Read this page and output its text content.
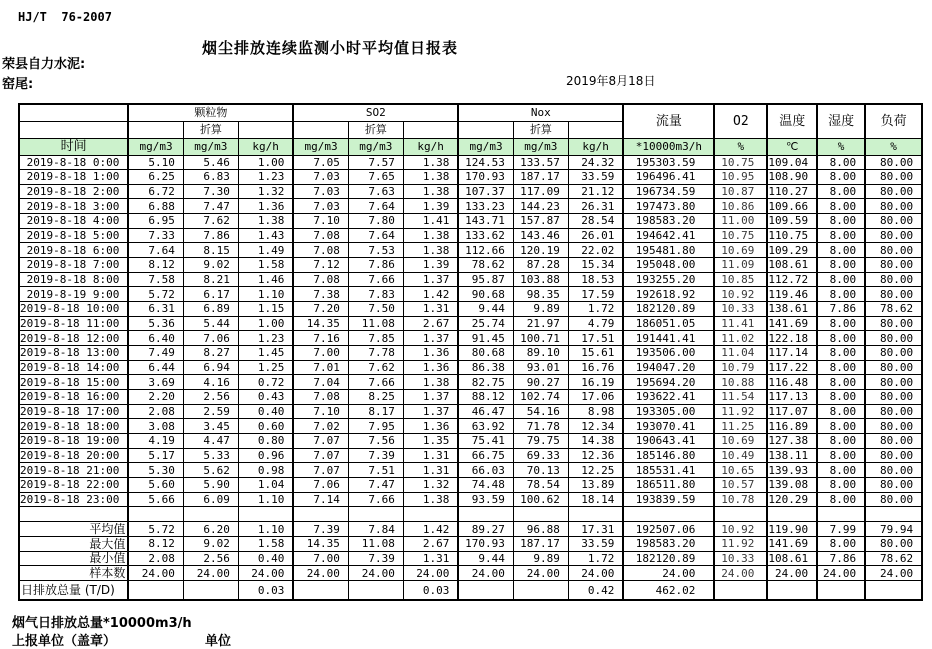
HJ/T  76-2007
烟尘排放连续监测小时平均值日报表
荣县自力水泥:
窑尾:	2019年8月18日
	颗粒物			SO2			Nox			流量	O2	温度	湿度	负荷
		折算			折算			折算						
时间	mg/m3	mg/m3	kg/h	mg/m3	mg/m3	kg/h	mg/m3	mg/m3	kg/h	*10000m3/h	%	℃	%	%
2019-8-18 0:00	5.10	5.46	1.00	7.05	7.57	1.38	124.53	133.57	24.32	195303.59	10.75	109.04	8.00	80.00
2019-8-18 1:00	6.25	6.83	1.23	7.03	7.65	1.38	170.93	187.17	33.59	196496.41	10.95	108.90	8.00	80.00
2019-8-18 2:00	6.72	7.30	1.32	7.03	7.63	1.38	107.37	117.09	21.12	196734.59	10.87	110.27	8.00	80.00
2019-8-18 3:00	6.88	7.47	1.36	7.03	7.64	1.39	133.23	144.23	26.31	197473.80	10.86	109.66	8.00	80.00
2019-8-18 4:00	6.95	7.62	1.38	7.10	7.80	1.41	143.71	157.87	28.54	198583.20	11.00	109.59	8.00	80.00
2019-8-18 5:00	7.33	7.86	1.43	7.08	7.64	1.38	133.62	143.46	26.01	194642.41	10.75	110.75	8.00	80.00
2019-8-18 6:00	7.64	8.15	1.49	7.08	7.53	1.38	112.66	120.19	22.02	195481.80	10.69	109.29	8.00	80.00
2019-8-18 7:00	8.12	9.02	1.58	7.12	7.86	1.39	78.62	87.28	15.34	195048.00	11.09	108.61	8.00	80.00
2019-8-18 8:00	7.58	8.21	1.46	7.08	7.66	1.37	95.87	103.88	18.53	193255.20	10.85	112.72	8.00	80.00
2019-8-19 9:00	5.72	6.17	1.10	7.38	7.83	1.42	90.68	98.35	17.59	192618.92	10.92	119.46	8.00	80.00
2019-8-18 10:00	6.31	6.89	1.15	7.20	7.50	1.31	9.44	9.89	1.72	182120.89	10.33	138.61	7.86	78.62
2019-8-18 11:00	5.36	5.44	1.00	14.35	11.08	2.67	25.74	21.97	4.79	186051.05	11.41	141.69	8.00	80.00
2019-8-18 12:00	6.40	7.06	1.23	7.16	7.85	1.37	91.45	100.71	17.51	191441.41	11.02	122.18	8.00	80.00
2019-8-18 13:00	7.49	8.27	1.45	7.00	7.78	1.36	80.68	89.10	15.61	193506.00	11.04	117.14	8.00	80.00
2019-8-18 14:00	6.44	6.94	1.25	7.01	7.62	1.36	86.38	93.01	16.76	194047.20	10.79	117.22	8.00	80.00
2019-8-18 15:00	3.69	4.16	0.72	7.04	7.66	1.38	82.75	90.27	16.19	195694.20	10.88	116.48	8.00	80.00
2019-8-18 16:00	2.20	2.56	0.43	7.08	8.25	1.37	88.12	102.74	17.06	193622.41	11.54	117.13	8.00	80.00
2019-8-18 17:00	2.08	2.59	0.40	7.10	8.17	1.37	46.47	54.16	8.98	193305.00	11.92	117.07	8.00	80.00
2019-8-18 18:00	3.08	3.45	0.60	7.02	7.95	1.36	63.92	71.78	12.34	193070.41	11.25	116.89	8.00	80.00
2019-8-18 19:00	4.19	4.47	0.80	7.07	7.56	1.35	75.41	79.75	14.38	190643.41	10.69	127.38	8.00	80.00
2019-8-18 20:00	5.17	5.33	0.96	7.07	7.39	1.31	66.75	69.33	12.36	185146.80	10.49	138.11	8.00	80.00
2019-8-18 21:00	5.30	5.62	0.98	7.07	7.51	1.31	66.03	70.13	12.25	185531.41	10.65	139.93	8.00	80.00
2019-8-18 22:00	5.60	5.90	1.04	7.06	7.47	1.32	74.48	78.54	13.89	186511.80	10.57	139.08	8.00	80.00
2019-8-18 23:00	5.66	6.09	1.10	7.14	7.66	1.38	93.59	100.62	18.14	193839.59	10.78	120.29	8.00	80.00

平均值	5.72	6.20	1.10	7.39	7.84	1.42	89.27	96.88	17.31	192507.06	10.92	119.90	7.99	79.94
最大值	8.12	9.02	1.58	14.35	11.08	2.67	170.93	187.17	33.59	198583.20	11.92	141.69	8.00	80.00
最小值	2.08	2.56	0.40	7.00	7.39	1.31	9.44	9.89	1.72	182120.89	10.33	108.61	7.86	78.62
样本数	24.00	24.00	24.00	24.00	24.00	24.00	24.00	24.00	24.00	24.00	24.00	24.00	24.00	24.00
日排放总量 (T/D)			0.03			0.03			0.42	462.02				
烟气日排放总量*10000m3/h
上报单位（盖章）	单位
